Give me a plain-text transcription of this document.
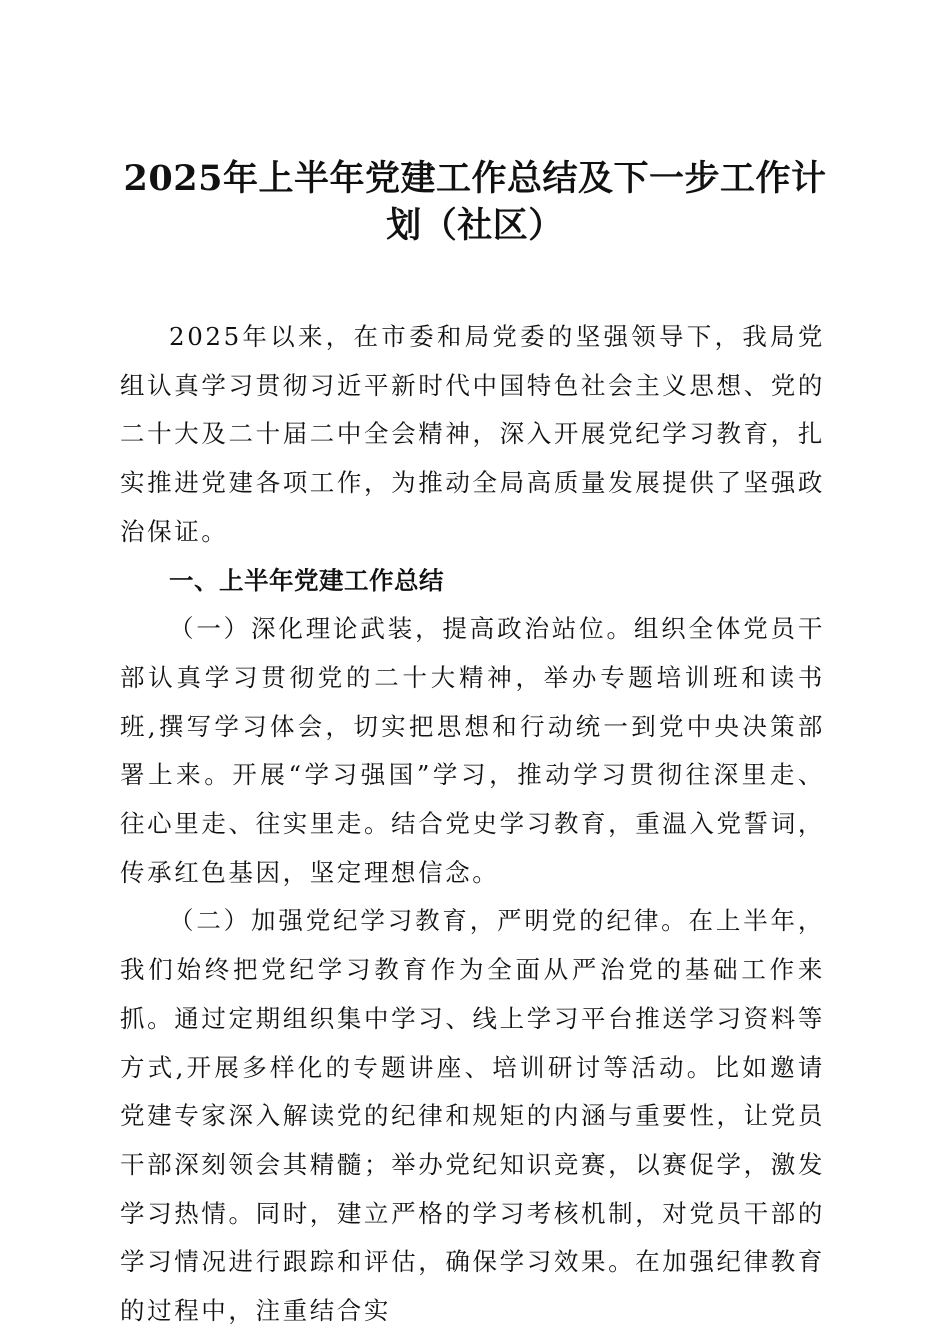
2025年上半年党建工作总结及下一步工作计
划（社区）

2025年以来，在市委和局党委的坚强领导下，我局党组认真学习贯彻习近平新时代中国特色社会主义思想、党的二十大及二十届二中全会精神，深入开展党纪学习教育，扎实推进党建各项工作，为推动全局高质量发展提供了坚强政治保证。

一、上半年党建工作总结

（一）深化理论武装，提高政治站位。组织全体党员干部认真学习贯彻党的二十大精神，举办专题培训班和读书班,撰写学习体会，切实把思想和行动统一到党中央决策部署上来。开展“学习强国”学习，推动学习贯彻往深里走、往心里走、往实里走。结合党史学习教育，重温入党誓词，传承红色基因，坚定理想信念。

（二）加强党纪学习教育，严明党的纪律。在上半年，我们始终把党纪学习教育作为全面从严治党的基础工作来抓。通过定期组织集中学习、线上学习平台推送学习资料等方式,开展多样化的专题讲座、培训研讨等活动。比如邀请党建专家深入解读党的纪律和规矩的内涵与重要性，让党员干部深刻领会其精髓；举办党纪知识竞赛，以赛促学，激发学习热情。同时，建立严格的学习考核机制，对党员干部的学习情况进行跟踪和评估，确保学习效果。在加强纪律教育的过程中，注重结合实
